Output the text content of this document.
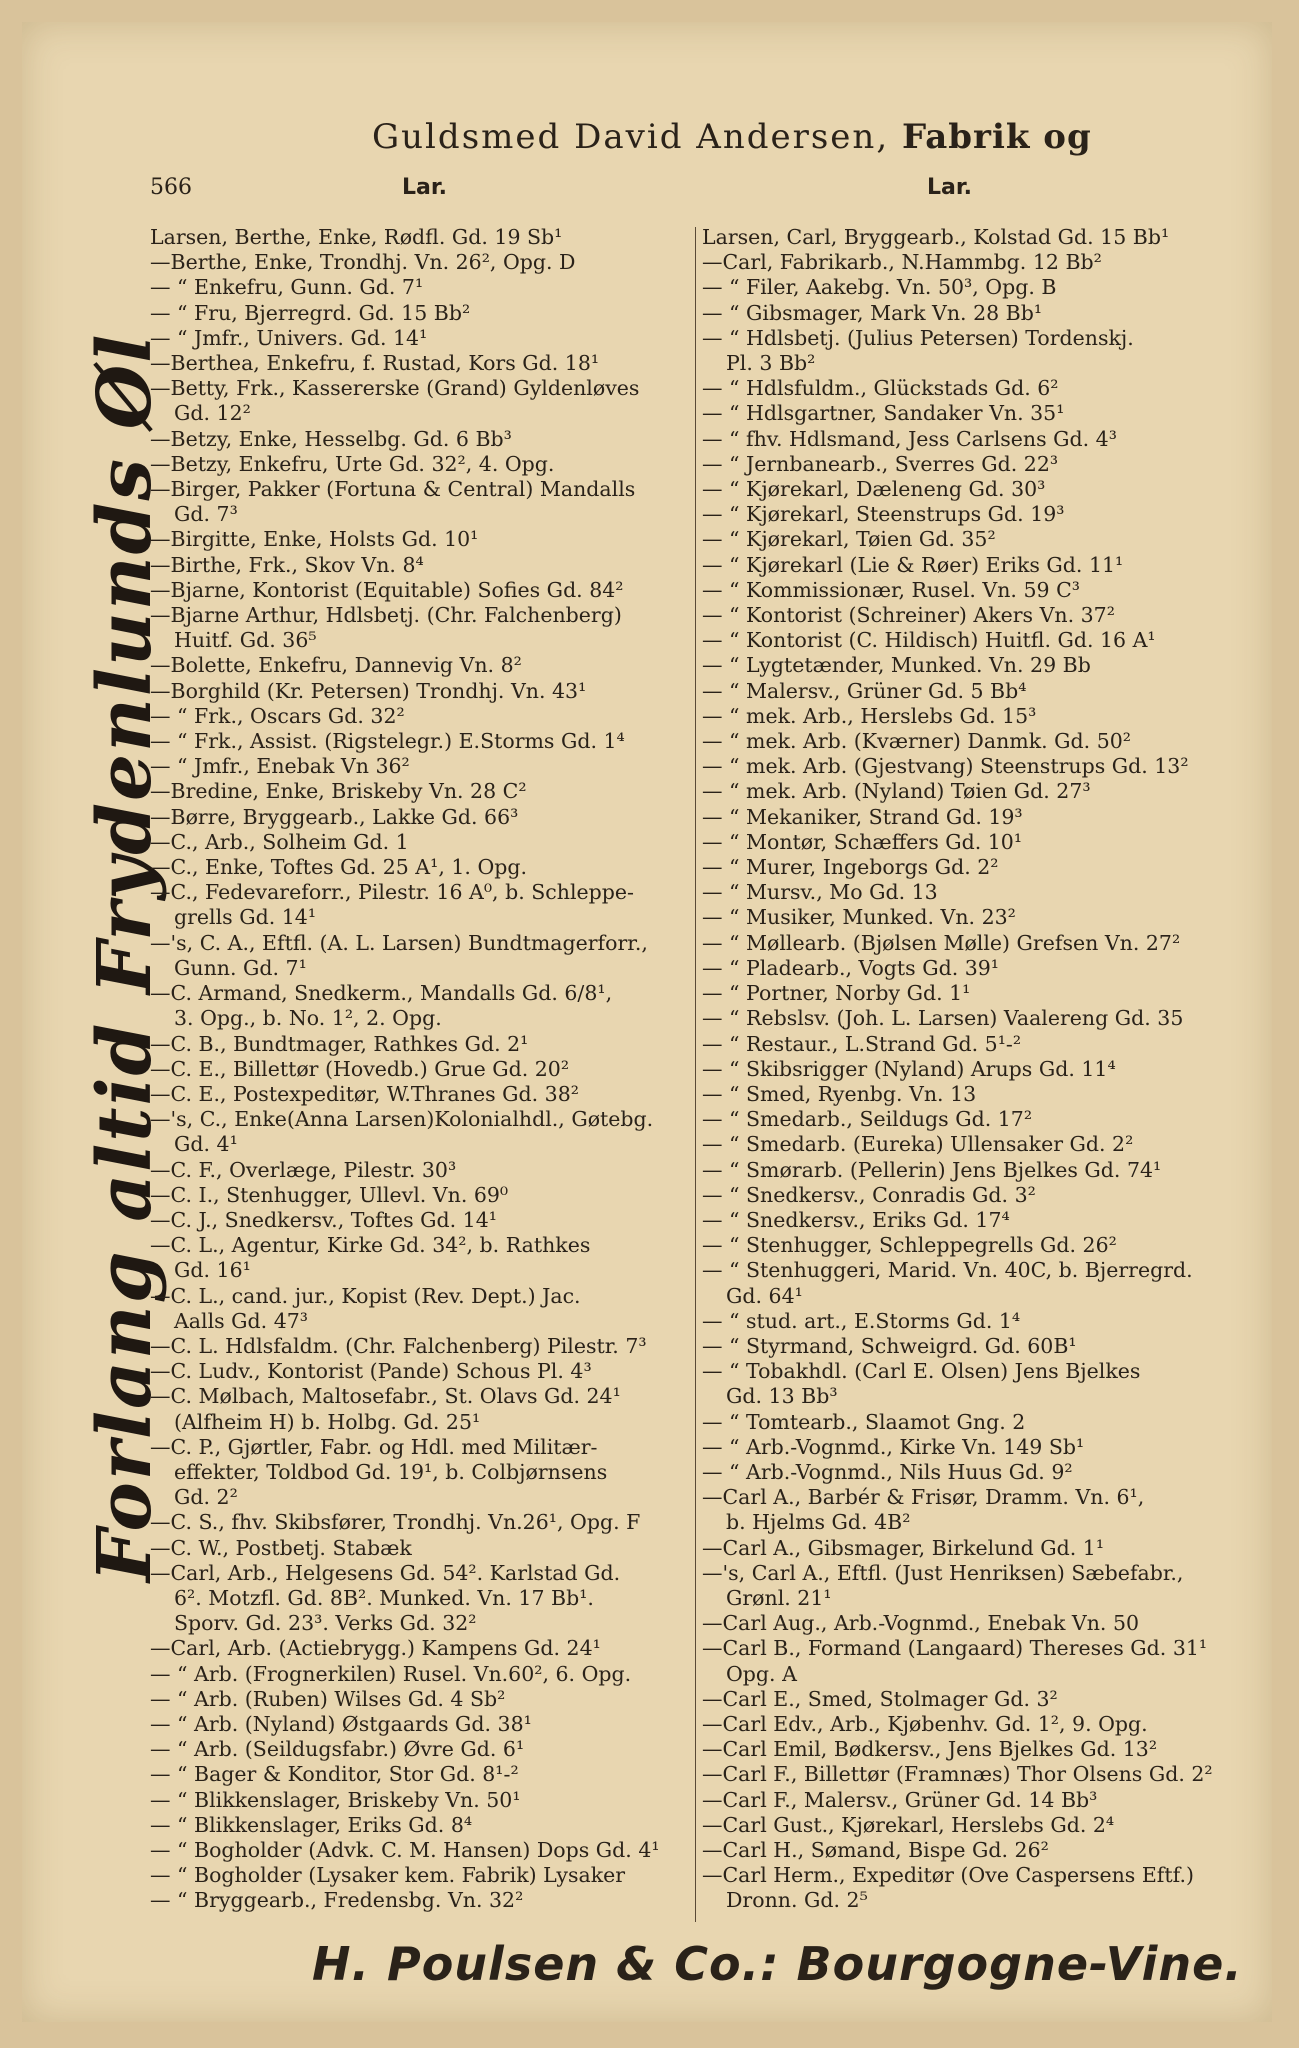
Guldsmed David Andersen, Fabrik og
566	Lar.	Lar.
Forlang altid Frydenlunds Øl
Larsen, Berthe, Enke, Rødfl. Gd. 19 Sb¹
—Berthe, Enke, Trondhj. Vn. 26², Opg. D
— “ Enkefru, Gunn. Gd. 7¹
— “ Fru, Bjerregrd. Gd. 15 Bb²
— “ Jmfr., Univers. Gd. 14¹
—Berthea, Enkefru, f. Rustad, Kors Gd. 18¹
—Betty, Frk., Kassererske (Grand) Gyldenløves
Gd. 12²
—Betzy, Enke, Hesselbg. Gd. 6 Bb³
—Betzy, Enkefru, Urte Gd. 32², 4. Opg.
—Birger, Pakker (Fortuna & Central) Mandalls
Gd. 7³
—Birgitte, Enke, Holsts Gd. 10¹
—Birthe, Frk., Skov Vn. 8⁴
—Bjarne, Kontorist (Equitable) Sofies Gd. 84²
—Bjarne Arthur, Hdlsbetj. (Chr. Falchenberg)
Huitf. Gd. 36⁵
—Bolette, Enkefru, Dannevig Vn. 8²
—Borghild (Kr. Petersen) Trondhj. Vn. 43¹
— “ Frk., Oscars Gd. 32²
— “ Frk., Assist. (Rigstelegr.) E.Storms Gd. 1⁴
— “ Jmfr., Enebak Vn 36²
—Bredine, Enke, Briskeby Vn. 28 C²
—Børre, Bryggearb., Lakke Gd. 66³
—C., Arb., Solheim Gd. 1
—C., Enke, Toftes Gd. 25 A¹, 1. Opg.
—C., Fedevareforr., Pilestr. 16 A⁰, b. Schleppe-
grells Gd. 14¹
—'s, C. A., Eftfl. (A. L. Larsen) Bundtmagerforr.,
Gunn. Gd. 7¹
—C. Armand, Snedkerm., Mandalls Gd. 6/8¹,
3. Opg., b. No. 1², 2. Opg.
—C. B., Bundtmager, Rathkes Gd. 2¹
—C. E., Billettør (Hovedb.) Grue Gd. 20²
—C. E., Postexpeditør, W.Thranes Gd. 38²
—'s, C., Enke(Anna Larsen)Kolonialhdl., Gøtebg.
Gd. 4¹
—C. F., Overlæge, Pilestr. 30³
—C. I., Stenhugger, Ullevl. Vn. 69⁰
—C. J., Snedkersv., Toftes Gd. 14¹
—C. L., Agentur, Kirke Gd. 34², b. Rathkes
Gd. 16¹
—C. L., cand. jur., Kopist (Rev. Dept.) Jac.
Aalls Gd. 47³
—C. L. Hdlsfaldm. (Chr. Falchenberg) Pilestr. 7³
—C. Ludv., Kontorist (Pande) Schous Pl. 4³
—C. Mølbach, Maltosefabr., St. Olavs Gd. 24¹
(Alfheim H) b. Holbg. Gd. 25¹
—C. P., Gjørtler, Fabr. og Hdl. med Militær-
effekter, Toldbod Gd. 19¹, b. Colbjørnsens
Gd. 2²
—C. S., fhv. Skibsfører, Trondhj. Vn.26¹, Opg. F
—C. W., Postbetj. Stabæk
—Carl, Arb., Helgesens Gd. 54². Karlstad Gd.
6². Motzfl. Gd. 8B². Munked. Vn. 17 Bb¹.
Sporv. Gd. 23³. Verks Gd. 32²
—Carl, Arb. (Actiebrygg.) Kampens Gd. 24¹
— “ Arb. (Frognerkilen) Rusel. Vn.60², 6. Opg.
— “ Arb. (Ruben) Wilses Gd. 4 Sb²
— “ Arb. (Nyland) Østgaards Gd. 38¹
— “ Arb. (Seildugsfabr.) Øvre Gd. 6¹
— “ Bager & Konditor, Stor Gd. 8¹-²
— “ Blikkenslager, Briskeby Vn. 50¹
— “ Blikkenslager, Eriks Gd. 8⁴
— “ Bogholder (Advk. C. M. Hansen) Dops Gd. 4¹
— “ Bogholder (Lysaker kem. Fabrik) Lysaker
— “ Bryggearb., Fredensbg. Vn. 32²
Larsen, Carl, Bryggearb., Kolstad Gd. 15 Bb¹
—Carl, Fabrikarb., N.Hammbg. 12 Bb²
— “ Filer, Aakebg. Vn. 50³, Opg. B
— “ Gibsmager, Mark Vn. 28 Bb¹
— “ Hdlsbetj. (Julius Petersen) Tordenskj.
Pl. 3 Bb²
— “ Hdlsfuldm., Glückstads Gd. 6²
— “ Hdlsgartner, Sandaker Vn. 35¹
— “ fhv. Hdlsmand, Jess Carlsens Gd. 4³
— “ Jernbanearb., Sverres Gd. 22³
— “ Kjørekarl, Dæleneng Gd. 30³
— “ Kjørekarl, Steenstrups Gd. 19³
— “ Kjørekarl, Tøien Gd. 35²
— “ Kjørekarl (Lie & Røer) Eriks Gd. 11¹
— “ Kommissionær, Rusel. Vn. 59 C³
— “ Kontorist (Schreiner) Akers Vn. 37²
— “ Kontorist (C. Hildisch) Huitfl. Gd. 16 A¹
— “ Lygtetænder, Munked. Vn. 29 Bb
— “ Malersv., Grüner Gd. 5 Bb⁴
— “ mek. Arb., Herslebs Gd. 15³
— “ mek. Arb. (Kværner) Danmk. Gd. 50²
— “ mek. Arb. (Gjestvang) Steenstrups Gd. 13²
— “ mek. Arb. (Nyland) Tøien Gd. 27³
— “ Mekaniker, Strand Gd. 19³
— “ Montør, Schæffers Gd. 10¹
— “ Murer, Ingeborgs Gd. 2²
— “ Mursv., Mo Gd. 13
— “ Musiker, Munked. Vn. 23²
— “ Møllearb. (Bjølsen Mølle) Grefsen Vn. 27²
— “ Pladearb., Vogts Gd. 39¹
— “ Portner, Norby Gd. 1¹
— “ Rebslsv. (Joh. L. Larsen) Vaalereng Gd. 35
— “ Restaur., L.Strand Gd. 5¹-²
— “ Skibsrigger (Nyland) Arups Gd. 11⁴
— “ Smed, Ryenbg. Vn. 13
— “ Smedarb., Seildugs Gd. 17²
— “ Smedarb. (Eureka) Ullensaker Gd. 2²
— “ Smørarb. (Pellerin) Jens Bjelkes Gd. 74¹
— “ Snedkersv., Conradis Gd. 3²
— “ Snedkersv., Eriks Gd. 17⁴
— “ Stenhugger, Schleppegrells Gd. 26²
— “ Stenhuggeri, Marid. Vn. 40C, b. Bjerregrd.
Gd. 64¹
— “ stud. art., E.Storms Gd. 1⁴
— “ Styrmand, Schweigrd. Gd. 60B¹
— “ Tobakhdl. (Carl E. Olsen) Jens Bjelkes
Gd. 13 Bb³
— “ Tomtearb., Slaamot Gng. 2
— “ Arb.-Vognmd., Kirke Vn. 149 Sb¹
— “ Arb.-Vognmd., Nils Huus Gd. 9²
—Carl A., Barbér & Frisør, Dramm. Vn. 6¹,
b. Hjelms Gd. 4B²
—Carl A., Gibsmager, Birkelund Gd. 1¹
—'s, Carl A., Eftfl. (Just Henriksen) Sæbefabr.,
Grønl. 21¹
—Carl Aug., Arb.-Vognmd., Enebak Vn. 50
—Carl B., Formand (Langaard) Thereses Gd. 31¹
Opg. A
—Carl E., Smed, Stolmager Gd. 3²
—Carl Edv., Arb., Kjøbenhv. Gd. 1², 9. Opg.
—Carl Emil, Bødkersv., Jens Bjelkes Gd. 13²
—Carl F., Billettør (Framnæs) Thor Olsens Gd. 2²
—Carl F., Malersv., Grüner Gd. 14 Bb³
—Carl Gust., Kjørekarl, Herslebs Gd. 2⁴
—Carl H., Sømand, Bispe Gd. 26²
—Carl Herm., Expeditør (Ove Caspersens Eftf.)
Dronn. Gd. 2⁵
H. Poulsen & Co.: Bourgogne-Vine.
